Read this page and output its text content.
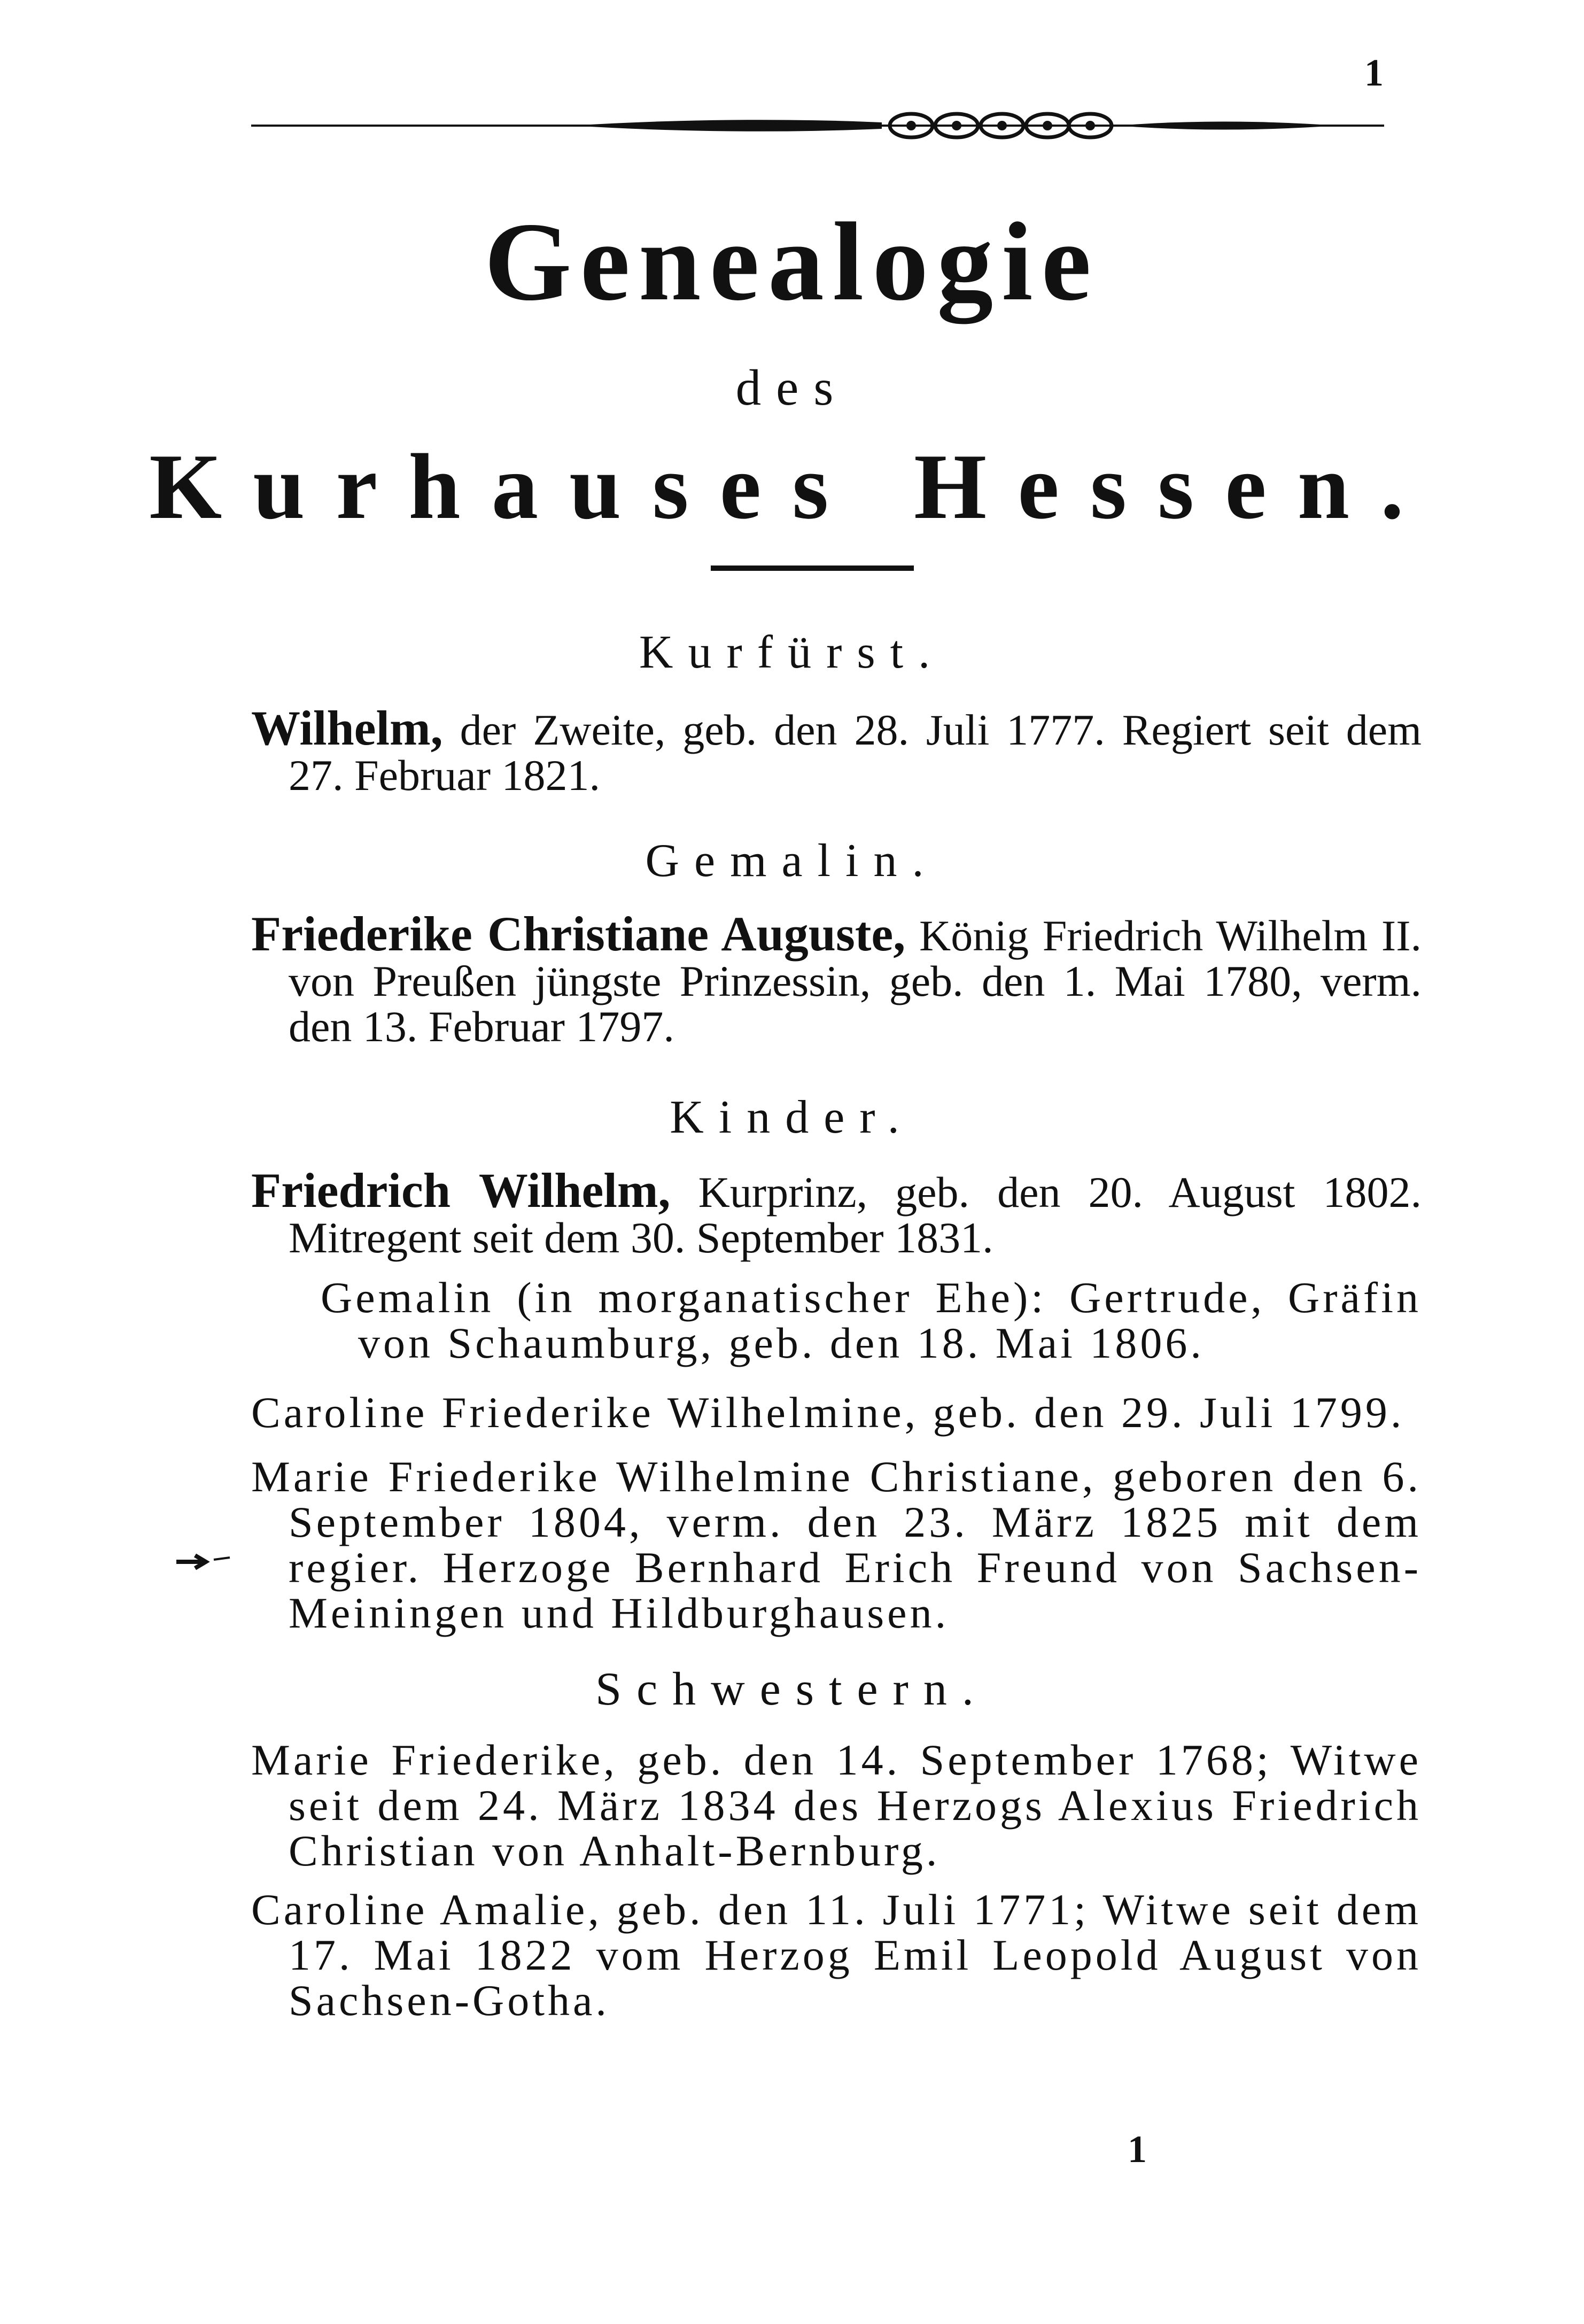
1
Genealogie
des
Kurhauses Hessen.
Kurfürst.
Wilhelm, der Zweite, geb. den 28. Juli 1777. Regiert seit dem 27. Februar 1821.
Gemalin.
Friederike Christiane Auguste, König Friedrich Wilhelm II. von Preußen jüngste Prinzessin, geb. den 1. Mai 1780, verm. den 13. Februar 1797.
Kinder.
Friedrich Wilhelm, Kurprinz, geb. den 20. August 1802. Mitregent seit dem 30. September 1831.
Gemalin (in morganatischer Ehe): Gertrude, Gräfin von Schaumburg, geb. den 18. Mai 1806.
Caroline Friederike Wilhelmine, geb. den 29. Juli 1799.
Marie Friederike Wilhelmine Christiane, geboren den 6. September 1804, verm. den 23. März 1825 mit dem regier. Herzoge Bernhard Erich Freund von Sachsen-Meiningen und Hildburghausen.
Schwestern.
Marie Friederike, geb. den 14. September 1768; Witwe seit dem 24. März 1834 des Herzogs Alexius Friedrich Christian von Anhalt-Bernburg.
Caroline Amalie, geb. den 11. Juli 1771; Witwe seit dem 17. Mai 1822 vom Herzog Emil Leopold August von Sachsen-Gotha.
1
